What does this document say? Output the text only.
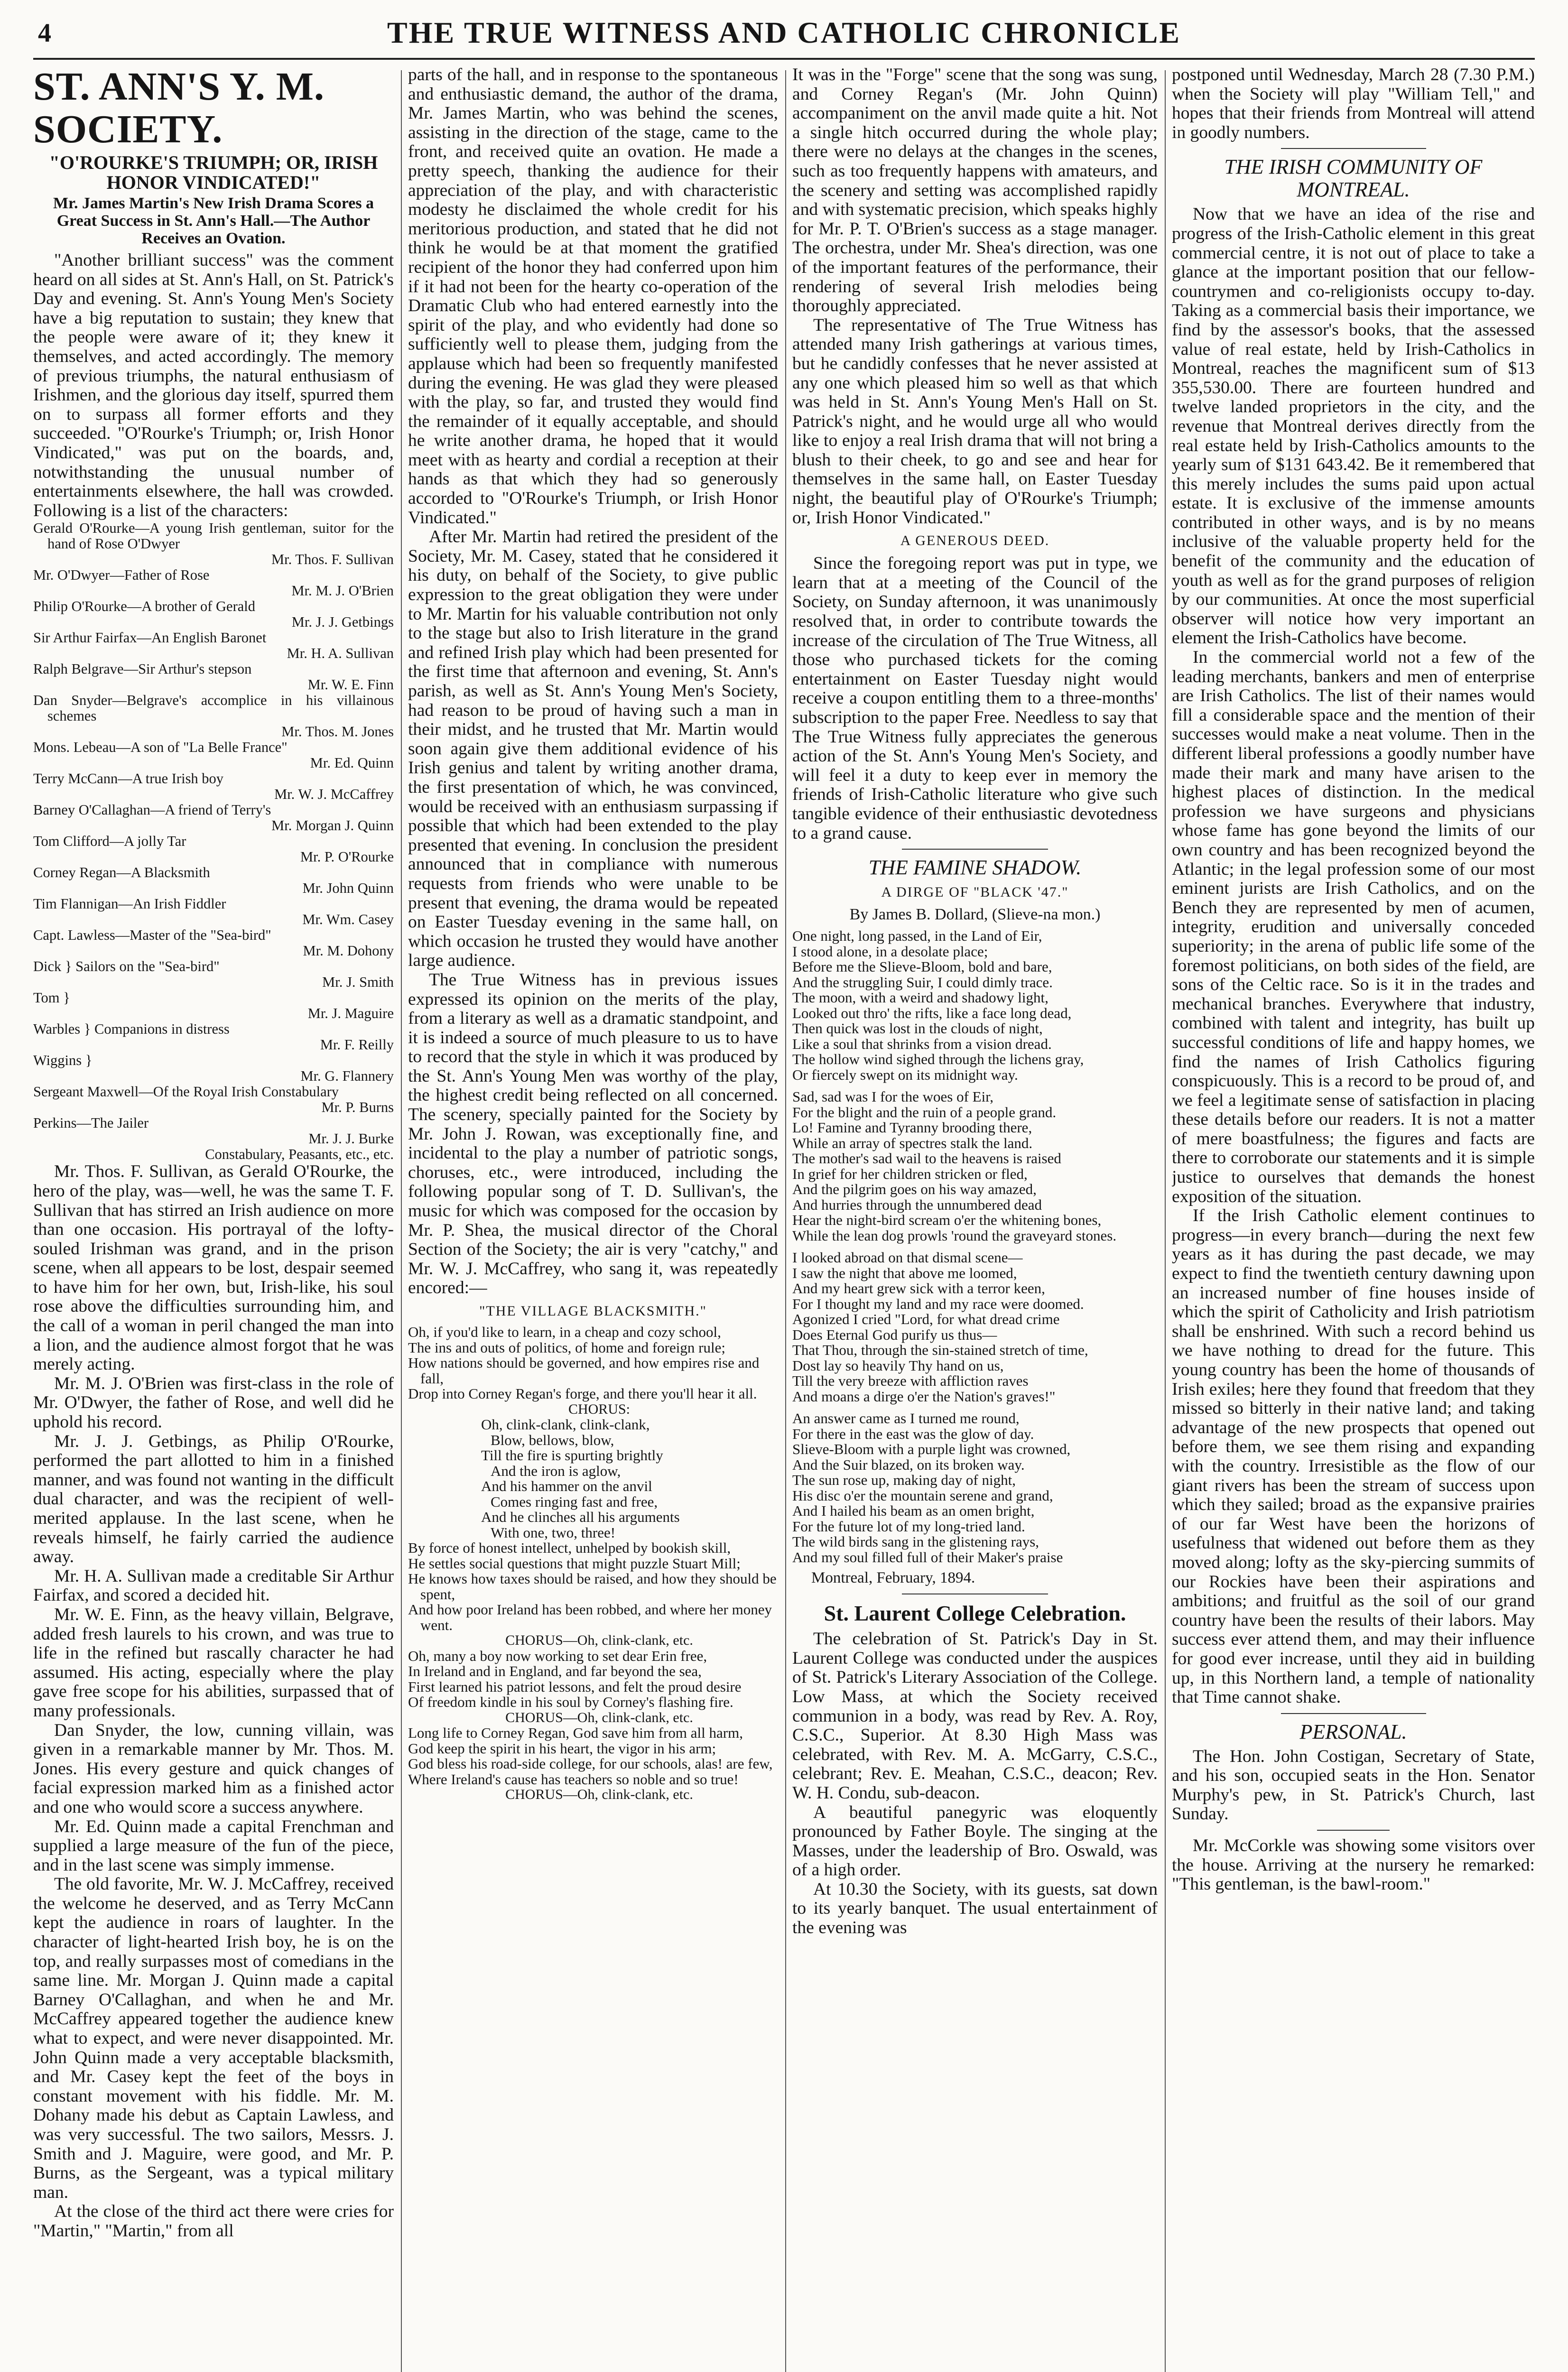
4	THE TRUE WITNESS AND CATHOLIC CHRONICLE
ST. ANN'S Y. M. SOCIETY.
"O'ROURKE'S TRIUMPH; OR, IRISH HONOR VINDICATED!"
Mr. James Martin's New Irish Drama Scores a Great Success in St. Ann's Hall.—The Author Receives an Ovation.

"Another brilliant success" was the comment heard on all sides at St. Ann's Hall, on St. Patrick's Day and evening. St. Ann's Young Men's Society have a big reputation to sustain; they knew that the people were aware of it; they knew it themselves, and acted accordingly. The memory of previous triumphs, the natural enthusiasm of Irishmen, and the glorious day itself, spurred them on to surpass all former efforts and they succeeded. "O'Rourke's Triumph; or, Irish Honor Vindicated," was put on the boards, and, notwithstanding the unusual number of entertainments elsewhere, the hall was crowded. Following is a list of the characters:

Gerald O'Rourke—A young Irish gentleman, suitor for the hand of Rose O'Dwyer
Mr. Thos. F. Sullivan
Mr. O'Dwyer—Father of Rose
Mr. M. J. O'Brien
Philip O'Rourke—A brother of Gerald
Mr. J. J. Getbings
Sir Arthur Fairfax—An English Baronet
Mr. H. A. Sullivan
Ralph Belgrave—Sir Arthur's stepson
Mr. W. E. Finn
Dan Snyder—Belgrave's accomplice in his villainous schemes
Mr. Thos. M. Jones
Mons. Lebeau—A son of "La Belle France"
Mr. Ed. Quinn
Terry McCann—A true Irish boy
Mr. W. J. McCaffrey
Barney O'Callaghan—A friend of Terry's
Mr. Morgan J. Quinn
Tom Clifford—A jolly Tar
Mr. P. O'Rourke
Corney Regan—A Blacksmith
Mr. John Quinn
Tim Flannigan—An Irish Fiddler
Mr. Wm. Casey
Capt. Lawless—Master of the "Sea-bird"
Mr. M. Dohony
Dick } Sailors on the "Sea-bird"
Mr. J. Smith
Tom }
Mr. J. Maguire
Warbles } Companions in distress
Mr. F. Reilly
Wiggins }
Mr. G. Flannery
Sergeant Maxwell—Of the Royal Irish Constabulary
Mr. P. Burns
Perkins—The Jailer
Mr. J. J. Burke
Constabulary, Peasants, etc., etc.

Mr. Thos. F. Sullivan, as Gerald O'Rourke, the hero of the play, was—well, he was the same T. F. Sullivan that has stirred an Irish audience on more than one occasion. His portrayal of the lofty-souled Irishman was grand, and in the prison scene, when all appears to be lost, despair seemed to have him for her own, but, Irish-like, his soul rose above the difficulties surrounding him, and the call of a woman in peril changed the man into a lion, and the audience almost forgot that he was merely acting.

Mr. M. J. O'Brien was first-class in the role of Mr. O'Dwyer, the father of Rose, and well did he uphold his record.

Mr. J. J. Getbings, as Philip O'Rourke, performed the part allotted to him in a finished manner, and was found not wanting in the difficult dual character, and was the recipient of well-merited applause. In the last scene, when he reveals himself, he fairly carried the audience away.

Mr. H. A. Sullivan made a creditable Sir Arthur Fairfax, and scored a decided hit.

Mr. W. E. Finn, as the heavy villain, Belgrave, added fresh laurels to his crown, and was true to life in the refined but rascally character he had assumed. His acting, especially where the play gave free scope for his abilities, surpassed that of many professionals.

Dan Snyder, the low, cunning villain, was given in a remarkable manner by Mr. Thos. M. Jones. His every gesture and quick changes of facial expression marked him as a finished actor and one who would score a success anywhere.

Mr. Ed. Quinn made a capital Frenchman and supplied a large measure of the fun of the piece, and in the last scene was simply immense.

The old favorite, Mr. W. J. McCaffrey, received the welcome he deserved, and as Terry McCann kept the audience in roars of laughter. In the character of light-hearted Irish boy, he is on the top, and really surpasses most of comedians in the same line. Mr. Morgan J. Quinn made a capital Barney O'Callaghan, and when he and Mr. McCaffrey appeared together the audience knew what to expect, and were never disappointed. Mr. John Quinn made a very acceptable blacksmith, and Mr. Casey kept the feet of the boys in constant movement with his fiddle. Mr. M. Dohany made his debut as Captain Lawless, and was very successful. The two sailors, Messrs. J. Smith and J. Maguire, were good, and Mr. P. Burns, as the Sergeant, was a typical military man.

At the close of the third act there were cries for "Martin," "Martin," from all

parts of the hall, and in response to the spontaneous and enthusiastic demand, the author of the drama, Mr. James Martin, who was behind the scenes, assisting in the direction of the stage, came to the front, and received quite an ovation. He made a pretty speech, thanking the audience for their appreciation of the play, and with characteristic modesty he disclaimed the whole credit for his meritorious production, and stated that he did not think he would be at that moment the gratified recipient of the honor they had conferred upon him if it had not been for the hearty co-operation of the Dramatic Club who had entered earnestly into the spirit of the play, and who evidently had done so sufficiently well to please them, judging from the applause which had been so frequently manifested during the evening. He was glad they were pleased with the play, so far, and trusted they would find the remainder of it equally acceptable, and should he write another drama, he hoped that it would meet with as hearty and cordial a reception at their hands as that which they had so generously accorded to "O'Rourke's Triumph, or Irish Honor Vindicated."

After Mr. Martin had retired the president of the Society, Mr. M. Casey, stated that he considered it his duty, on behalf of the Society, to give public expression to the great obligation they were under to Mr. Martin for his valuable contribution not only to the stage but also to Irish literature in the grand and refined Irish play which had been presented for the first time that afternoon and evening, St. Ann's parish, as well as St. Ann's Young Men's Society, had reason to be proud of having such a man in their midst, and he trusted that Mr. Martin would soon again give them additional evidence of his Irish genius and talent by writing another drama, the first presentation of which, he was convinced, would be received with an enthusiasm surpassing if possible that which had been extended to the play presented that evening. In conclusion the president announced that in compliance with numerous requests from friends who were unable to be present that evening, the drama would be repeated on Easter Tuesday evening in the same hall, on which occasion he trusted they would have another large audience.

The True Witness has in previous issues expressed its opinion on the merits of the play, from a literary as well as a dramatic standpoint, and it is indeed a source of much pleasure to us to have to record that the style in which it was produced by the St. Ann's Young Men was worthy of the play, the highest credit being reflected on all concerned. The scenery, specially painted for the Society by Mr. John J. Rowan, was exceptionally fine, and incidental to the play a number of patriotic songs, choruses, etc., were introduced, including the following popular song of T. D. Sullivan's, the music for which was composed for the occasion by Mr. P. Shea, the musical director of the Choral Section of the Society; the air is very "catchy," and Mr. W. J. McCaffrey, who sang it, was repeatedly encored:—

"THE VILLAGE BLACKSMITH."
Oh, if you'd like to learn, in a cheap and cozy school,
The ins and outs of politics, of home and foreign rule;
How nations should be governed, and how empires rise and fall,
Drop into Corney Regan's forge, and there you'll hear it all.
CHORUS:
Oh, clink-clank, clink-clank,
Blow, bellows, blow,
Till the fire is spurting brightly
And the iron is aglow,
And his hammer on the anvil
Comes ringing fast and free,
And he clinches all his arguments
With one, two, three!
By force of honest intellect, unhelped by bookish skill,
He settles social questions that might puzzle Stuart Mill;
He knows how taxes should be raised, and how they should be spent,
And how poor Ireland has been robbed, and where her money went.
CHORUS—Oh, clink-clank, etc.
Oh, many a boy now working to set dear Erin free,
In Ireland and in England, and far beyond the sea,
First learned his patriot lessons, and felt the proud desire
Of freedom kindle in his soul by Corney's flashing fire.
CHORUS—Oh, clink-clank, etc.
Long life to Corney Regan, God save him from all harm,
God keep the spirit in his heart, the vigor in his arm;
God bless his road-side college, for our schools, alas! are few,
Where Ireland's cause has teachers so noble and so true!
CHORUS—Oh, clink-clank, etc.

It was in the "Forge" scene that the song was sung, and Corney Regan's (Mr. John Quinn) accompaniment on the anvil made quite a hit. Not a single hitch occurred during the whole play; there were no delays at the changes in the scenes, such as too frequently happens with amateurs, and the scenery and setting was accomplished rapidly and with systematic precision, which speaks highly for Mr. P. T. O'Brien's success as a stage manager. The orchestra, under Mr. Shea's direction, was one of the important features of the performance, their rendering of several Irish melodies being thoroughly appreciated.

The representative of The True Witness has attended many Irish gatherings at various times, but he candidly confesses that he never assisted at any one which pleased him so well as that which was held in St. Ann's Young Men's Hall on St. Patrick's night, and he would urge all who would like to enjoy a real Irish drama that will not bring a blush to their cheek, to go and see and hear for themselves in the same hall, on Easter Tuesday night, the beautiful play of O'Rourke's Triumph; or, Irish Honor Vindicated."

A GENEROUS DEED.

Since the foregoing report was put in type, we learn that at a meeting of the Council of the Society, on Sunday afternoon, it was unanimously resolved that, in order to contribute towards the increase of the circulation of The True Witness, all those who purchased tickets for the coming entertainment on Easter Tuesday night would receive a coupon entitling them to a three-months' subscription to the paper Free. Needless to say that The True Witness fully appreciates the generous action of the St. Ann's Young Men's Society, and will feel it a duty to keep ever in memory the friends of Irish-Catholic literature who give such tangible evidence of their enthusiastic devotedness to a grand cause.

THE FAMINE SHADOW.
A DIRGE OF "BLACK '47."
By James B. Dollard, (Slieve-na mon.)
One night, long passed, in the Land of Eir,
I stood alone, in a desolate place;
Before me the Slieve-Bloom, bold and bare,
And the struggling Suir, I could dimly trace.
The moon, with a weird and shadowy light,
Looked out thro' the rifts, like a face long dead,
Then quick was lost in the clouds of night,
Like a soul that shrinks from a vision dread.
The hollow wind sighed through the lichens gray,
Or fiercely swept on its midnight way.
Sad, sad was I for the woes of Eir,
For the blight and the ruin of a people grand.
Lo! Famine and Tyranny brooding there,
While an array of spectres stalk the land.
The mother's sad wail to the heavens is raised
In grief for her children stricken or fled,
And the pilgrim goes on his way amazed,
And hurries through the unnumbered dead
Hear the night-bird scream o'er the whitening bones,
While the lean dog prowls 'round the graveyard stones.
I looked abroad on that dismal scene—
I saw the night that above me loomed,
And my heart grew sick with a terror keen,
For I thought my land and my race were doomed.
Agonized I cried "Lord, for what dread crime
Does Eternal God purify us thus—
That Thou, through the sin-stained stretch of time,
Dost lay so heavily Thy hand on us,
Till the very breeze with affliction raves
And moans a dirge o'er the Nation's graves!"
An answer came as I turned me round,
For there in the east was the glow of day.
Slieve-Bloom with a purple light was crowned,
And the Suir blazed, on its broken way.
The sun rose up, making day of night,
His disc o'er the mountain serene and grand,
And I hailed his beam as an omen bright,
For the future lot of my long-tried land.
The wild birds sang in the glistening rays,
And my soul filled full of their Maker's praise
Montreal, February, 1894.
St. Laurent College Celebration.

The celebration of St. Patrick's Day in St. Laurent College was conducted under the auspices of St. Patrick's Literary Association of the College. Low Mass, at which the Society received communion in a body, was read by Rev. A. Roy, C.S.C., Superior. At 8.30 High Mass was celebrated, with Rev. M. A. McGarry, C.S.C., celebrant; Rev. E. Meahan, C.S.C., deacon; Rev. W. H. Condu, sub-deacon.

A beautiful panegyric was eloquently pronounced by Father Boyle. The singing at the Masses, under the leadership of Bro. Oswald, was of a high order.

At 10.30 the Society, with its guests, sat down to its yearly banquet. The usual entertainment of the evening was

postponed until Wednesday, March 28 (7.30 P.M.) when the Society will play "William Tell," and hopes that their friends from Montreal will attend in goodly numbers.

THE IRISH COMMUNITY OF MONTREAL.

Now that we have an idea of the rise and progress of the Irish-Catholic element in this great commercial centre, it is not out of place to take a glance at the important position that our fellow-countrymen and co-religionists occupy to-day. Taking as a commercial basis their importance, we find by the assessor's books, that the assessed value of real estate, held by Irish-Catholics in Montreal, reaches the magnificent sum of $13 355,530.00. There are fourteen hundred and twelve landed proprietors in the city, and the revenue that Montreal derives directly from the real estate held by Irish-Catholics amounts to the yearly sum of $131 643.42. Be it remembered that this merely includes the sums paid upon actual estate. It is exclusive of the immense amounts contributed in other ways, and is by no means inclusive of the valuable property held for the benefit of the community and the education of youth as well as for the grand purposes of religion by our communities. At once the most superficial observer will notice how very important an element the Irish-Catholics have become.

In the commercial world not a few of the leading merchants, bankers and men of enterprise are Irish Catholics. The list of their names would fill a considerable space and the mention of their successes would make a neat volume. Then in the different liberal professions a goodly number have made their mark and many have arisen to the highest places of distinction. In the medical profession we have surgeons and physicians whose fame has gone beyond the limits of our own country and has been recognized beyond the Atlantic; in the legal profession some of our most eminent jurists are Irish Catholics, and on the Bench they are represented by men of acumen, integrity, erudition and universally conceded superiority; in the arena of public life some of the foremost politicians, on both sides of the field, are sons of the Celtic race. So is it in the trades and mechanical branches. Everywhere that industry, combined with talent and integrity, has built up successful conditions of life and happy homes, we find the names of Irish Catholics figuring conspicuously. This is a record to be proud of, and we feel a legitimate sense of satisfaction in placing these details before our readers. It is not a matter of mere boastfulness; the figures and facts are there to corroborate our statements and it is simple justice to ourselves that demands the honest exposition of the situation.

If the Irish Catholic element continues to progress—in every branch—during the next few years as it has during the past decade, we may expect to find the twentieth century dawning upon an increased number of fine houses inside of which the spirit of Catholicity and Irish patriotism shall be enshrined. With such a record behind us we have nothing to dread for the future. This young country has been the home of thousands of Irish exiles; here they found that freedom that they missed so bitterly in their native land; and taking advantage of the new prospects that opened out before them, we see them rising and expanding with the country. Irresistible as the flow of our giant rivers has been the stream of success upon which they sailed; broad as the expansive prairies of our far West have been the horizons of usefulness that widened out before them as they moved along; lofty as the sky-piercing summits of our Rockies have been their aspirations and ambitions; and fruitful as the soil of our grand country have been the results of their labors. May success ever attend them, and may their influence for good ever increase, until they aid in building up, in this Northern land, a temple of nationality that Time cannot shake.

PERSONAL.

The Hon. John Costigan, Secretary of State, and his son, occupied seats in the Hon. Senator Murphy's pew, in St. Patrick's Church, last Sunday.

Mr. McCorkle was showing some visitors over the house. Arriving at the nursery he remarked: "This gentleman, is the bawl-room."
